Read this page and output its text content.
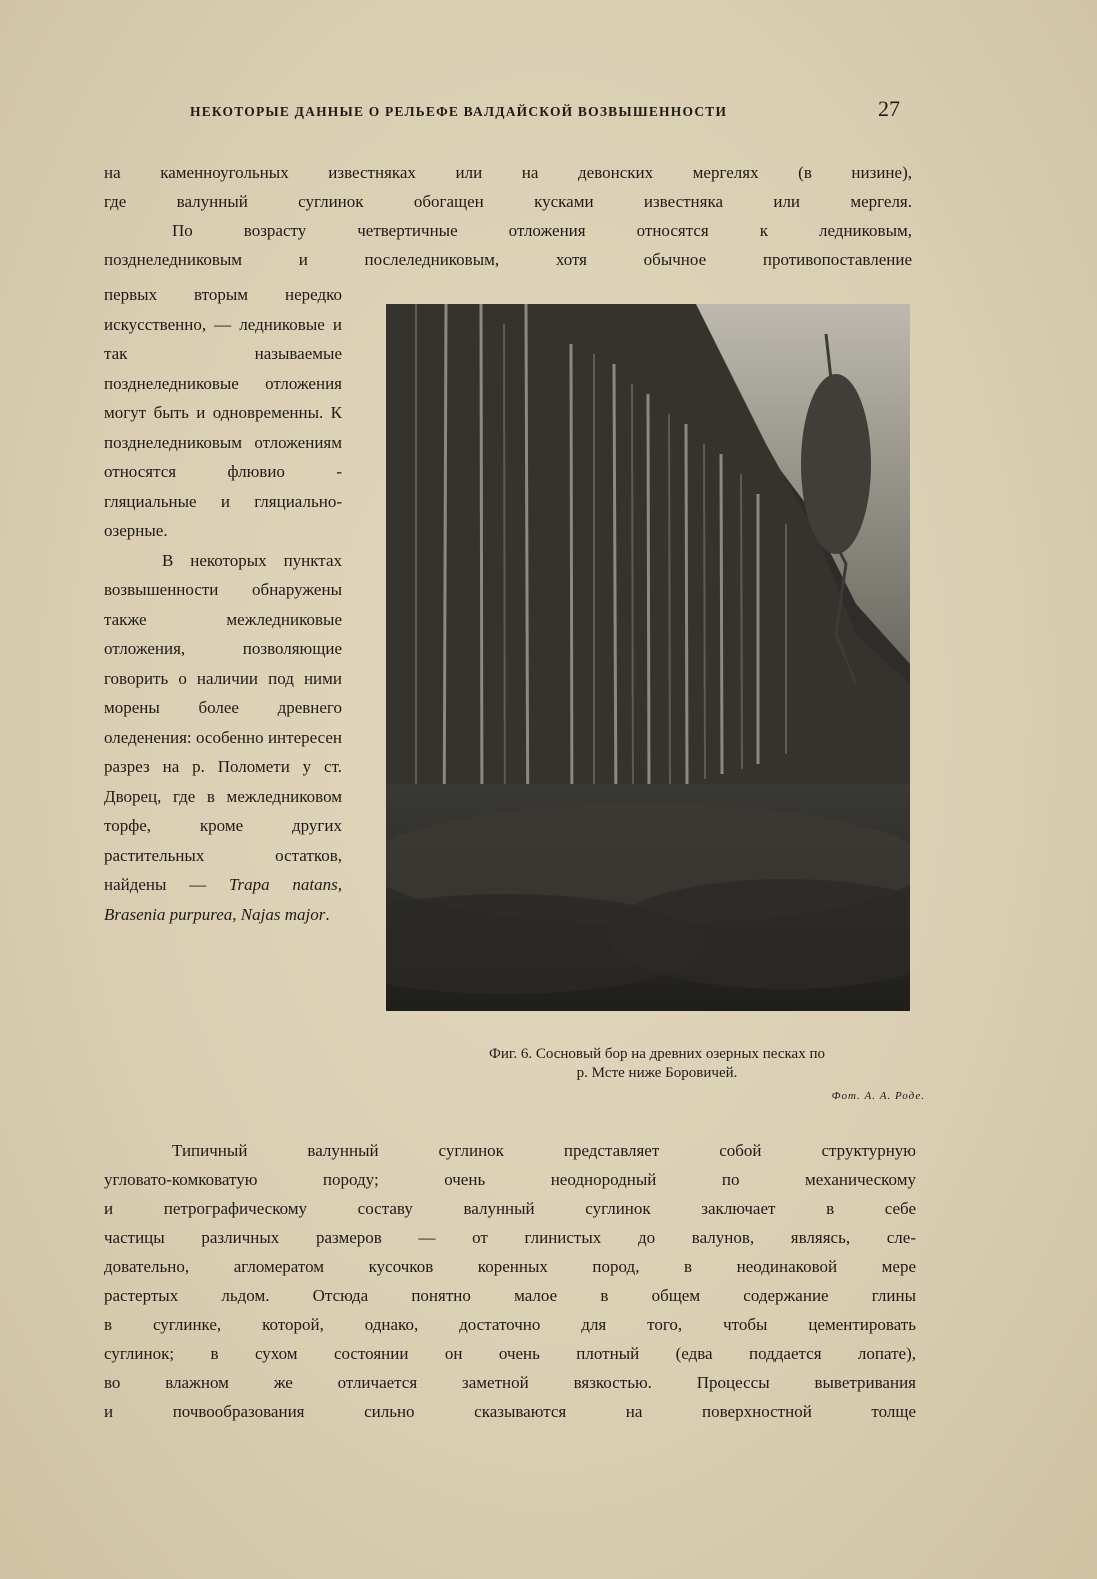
НЕКОТОРЫЕ ДАННЫЕ О РЕЛЬЕФЕ ВАЛДАЙСКОЙ ВОЗВЫШЕННОСТИ	27
на каменноугольных известняках или на девонских мергелях (в низине),
где валунный суглинок обогащен кусками известняка или мергеля.
По возрасту четвертичные отложения относятся к ледниковым,
позднеледниковым и послеледниковым, хотя обычное противопоставление

первых вторым нередко искусственно, — ледниковые и так называемые позднеледниковые отложения могут быть и одновременны. К позднеледниковым отложениям относятся флювио - гляциальные и гляциально-озерные.

В некоторых пунктах возвышенности обнаружены также межледниковые отложения, позволяющие говорить о наличии под ними морены более древнего оледенения: особенно интересен разрез на р. Поломети у ст. Дворец, где в межледниковом торфе, кроме других растительных остатков, найдены — Trapa natans, Brasenia purpurea, Najas major.

Фиг. 6. Сосновый бор на древних озерных песках по
р. Мсте ниже Боровичей.
Фот. А. А. Роде.
Типичный валунный суглинок представляет собой структурную
угловато-комковатую породу; очень неоднородный по механическому
и петрографическому составу валунный суглинок заключает в себе
частицы различных размеров — от глинистых до валунов, являясь, сле-
довательно, агломератом кусочков коренных пород, в неодинаковой мере
растертых льдом. Отсюда понятно малое в общем содержание глины
в суглинке, которой, однако, достаточно для того, чтобы цементировать
суглинок; в сухом состоянии он очень плотный (едва поддается лопате),
во влажном же отличается заметной вязкостью. Процессы выветривания
и почвообразования сильно сказываются на поверхностной толще
